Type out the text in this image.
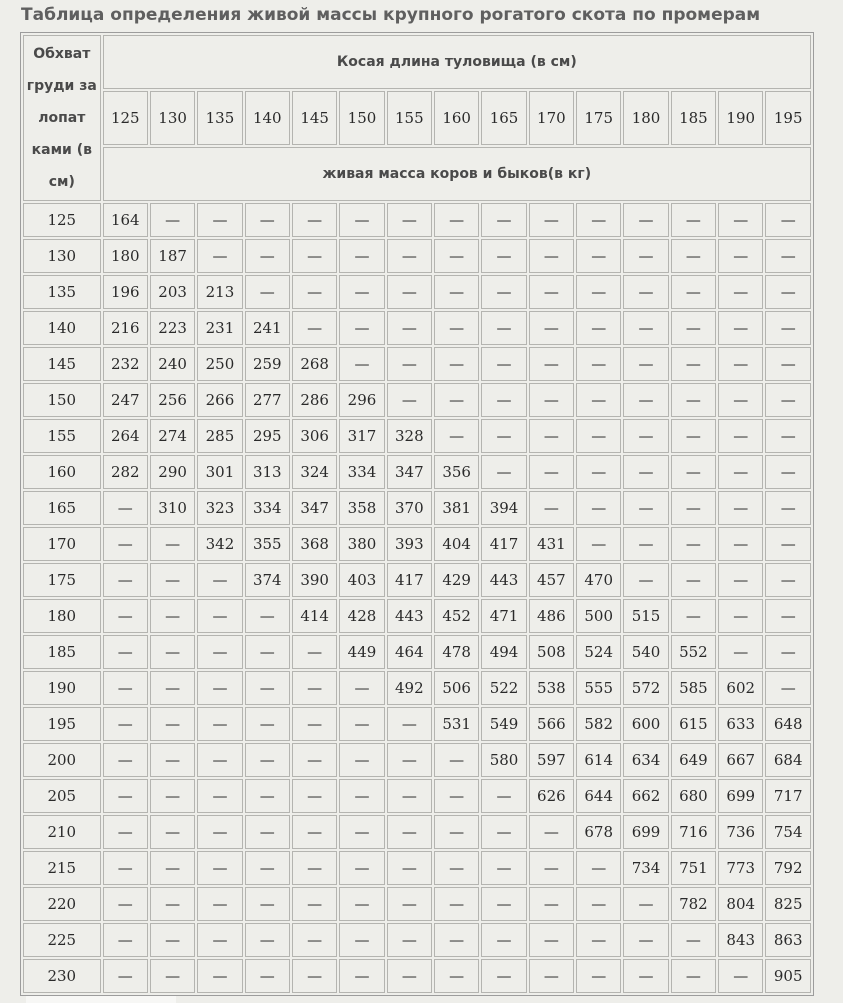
Таблица определения живой массы крупного рогатого скота по промерам
Обхват груди за лопат ками (в см)	Косая длина туловища (в см)														
	125	130	135	140	145	150	155	160	165	170	175	180	185	190	195
	живая масса коров и быков(в кг)														
125	164	—	—	—	—	—	—	—	—	—	—	—	—	—	—
130	180	187	—	—	—	—	—	—	—	—	—	—	—	—	—
135	196	203	213	—	—	—	—	—	—	—	—	—	—	—	—
140	216	223	231	241	—	—	—	—	—	—	—	—	—	—	—
145	232	240	250	259	268	—	—	—	—	—	—	—	—	—	—
150	247	256	266	277	286	296	—	—	—	—	—	—	—	—	—
155	264	274	285	295	306	317	328	—	—	—	—	—	—	—	—
160	282	290	301	313	324	334	347	356	—	—	—	—	—	—	—
165	—	310	323	334	347	358	370	381	394	—	—	—	—	—	—
170	—	—	342	355	368	380	393	404	417	431	—	—	—	—	—
175	—	—	—	374	390	403	417	429	443	457	470	—	—	—	—
180	—	—	—	—	414	428	443	452	471	486	500	515	—	—	—
185	—	—	—	—	—	449	464	478	494	508	524	540	552	—	—
190	—	—	—	—	—	—	492	506	522	538	555	572	585	602	—
195	—	—	—	—	—	—	—	531	549	566	582	600	615	633	648
200	—	—	—	—	—	—	—	—	580	597	614	634	649	667	684
205	—	—	—	—	—	—	—	—	—	626	644	662	680	699	717
210	—	—	—	—	—	—	—	—	—	—	678	699	716	736	754
215	—	—	—	—	—	—	—	—	—	—	—	734	751	773	792
220	—	—	—	—	—	—	—	—	—	—	—	—	782	804	825
225	—	—	—	—	—	—	—	—	—	—	—	—	—	843	863
230	—	—	—	—	—	—	—	—	—	—	—	—	—	—	905
